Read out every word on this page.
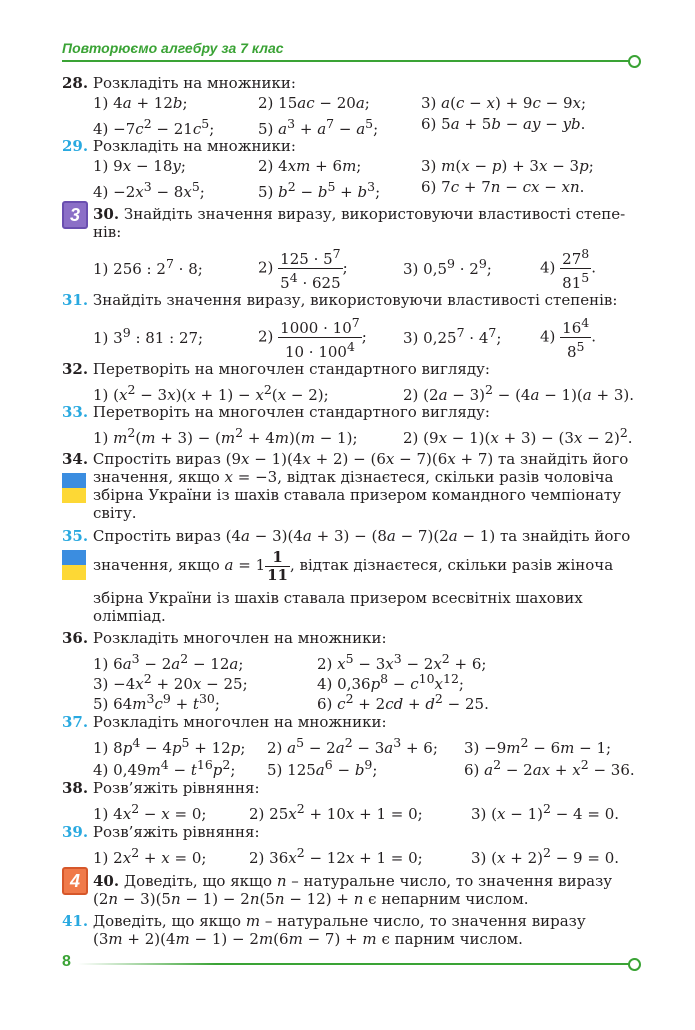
Повторюємо алгебру за 7 клас
28. Розкладіть на множники:
1) 4a + 12b;	2) 15ac − 20a;	3) a(c − x) + 9c − 9x;
$4) -7c^2 - 21c^5$;	5) $a^3 + a^7 - a^5$;	6) 5a + 5b − ay − yb.
29. Розкладіть на множники:
1) 9x − 18y;	2) 4xm + 6m;	3) m(x − p) + 3x − 3p;
$4) -2x^3 - 8x^5$;	5) $b^2 - b^5 + b^3$;	6) 7c + 7n − cx − xn.
3 30. Знайдіть значення виразу, використовуючи властивості степе-
нів:
1) 256 : $2^7 \cdot 8$;	$2) \frac{125 \cdot 5^7}{5^4 \cdot 625}$ ;	3) $0,5^9 \cdot 2^9$;	$4) \frac{27^8}{81^5}$ .
31. Знайдіть значення виразу, використовуючи властивості степенів:
1) $3^9$ : 81 : 27;	$2) \frac{1000 \cdot 10^7}{10 \cdot 100^4}$ ; 3) $0,25^7 \cdot 4^7$;	$4) \frac{16^4}{8^5}$ .
32. Перетворіть на многочлен стандартного вигляду:
1) $(x^2 - 3x)(x + 1) - x^2(x - 2)$;	2) $(2a - 3)^2 - (4a - 1)(a + 3)$.
33. Перетворіть на многочлен стандартного вигляду:
1) $m^2(m + 3) - (m^2 + 4m)(m - 1)$;	2) $(9x - 1)(x + 3) - (3x - 2)^2$.
34. Спростіть вираз (9x − 1)(4x + 2) − (6x − 7)(6x + 7) та знайдіть його
значення, якщо x = −3, відтак дізнаєтеся, скільки разів чоловіча
збірна України із шахів ставала призером командного чемпіонату
світу.
35. Спростіть вираз (4a − 3)(4a + 3) − (8a − 7)(2a − 1) та знайдіть його
значення, якщо $a = 1 \frac{1}{11}$ , відтак дізнаєтеся, скільки разів жіноча
збірна України із шахів ставала призером всесвітніх шахових
олімпіад.
36. Розкладіть многочлен на множники:
1) $6a^3 - 2a^2 - 12a$;	2) $x^5 - 3x^3 - 2x^2 + 6$;
$3) -4x^2 + 20x - 25$;	4) $0,36p^8 - c^{10}x^{12}$;
5) $64m^3c^9 + t^{30}$;	6) $c^2 + 2cd + d^2 - 25$.
37. Розкладіть многочлен на множники:
1) $8p^4 - 4p^5 + 12p$; 2) $a^5 - 2a^2 - 3a^3 + 6$; $3) -9m^2 - 6m - 1$;
4) $0,49m^4 - t^{16}p^2$; 5) $125a^6 - b^9$;	6) $a^2 - 2ax + x^2 - 36$.
38. Розв’яжіть рівняння:
1) $4x^2 - x = 0$;	2) $25x^2 + 10x + 1 = 0$;	3) $(x - 1)^2 - 4 = 0$.
39. Розв’яжіть рівняння:
1) $2x^2 + x = 0$;	2) $36x^2 - 12x + 1 = 0$;	3) $(x + 2)^2 - 9 = 0$.
4 40. Доведіть, що якщо n – натуральне число, то значення виразу
(2n − 3)(5n − 1) − 2n(5n − 12) + n є непарним числом.
41. Доведіть, що якщо m – натуральне число, то значення виразу
(3m + 2)(4m − 1) − 2m(6m − 7) + m є парним числом.
8
